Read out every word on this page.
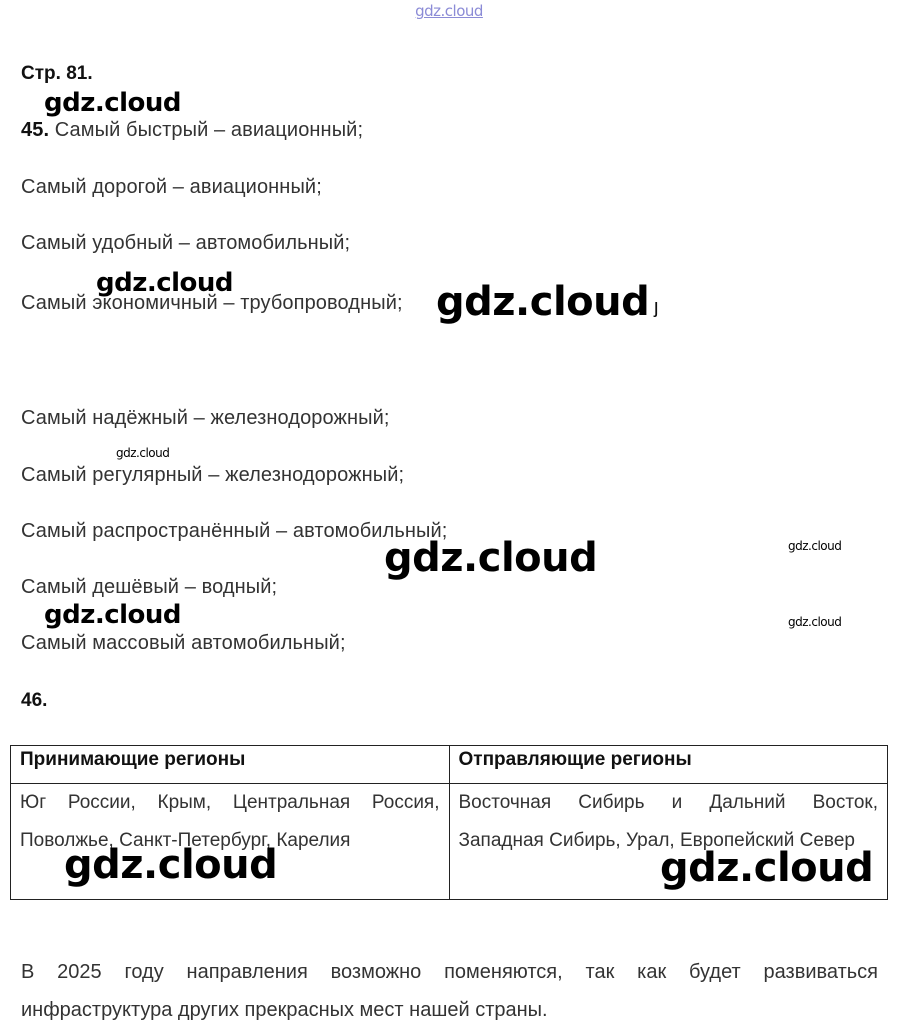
gdz.cloud
Стр. 81.
45. Самый быстрый – авиационный;
Самый дорогой – авиационный;
Самый удобный – автомобильный;
Самый экономичный – трубопроводный;
Самый надёжный – железнодорожный;
Самый регулярный – железнодорожный;
Самый распространённый – автомобильный;
Самый дешёвый – водный;
Самый массовый автомобильный;
ȷ
46.
Принимающие регионы	Отправляющие регионы
Юг России, Крым, Центральная Россия, Поволжье, Санкт-Петербург, Карелия	Восточная Сибирь и Дальний Восток, Западная Сибирь, Урал, Европейский Север
В 2025 году направления возможно поменяются, так как будет развиваться инфраструктура других прекрасных мест нашей страны.
gdz.cloud
gdz.cloud	gdz.cloud
gdz.cloud
gdz.cloud
gdz.cloud
gdz.cloud	gdz.cloud
gdz.cloud	gdz.cloud
